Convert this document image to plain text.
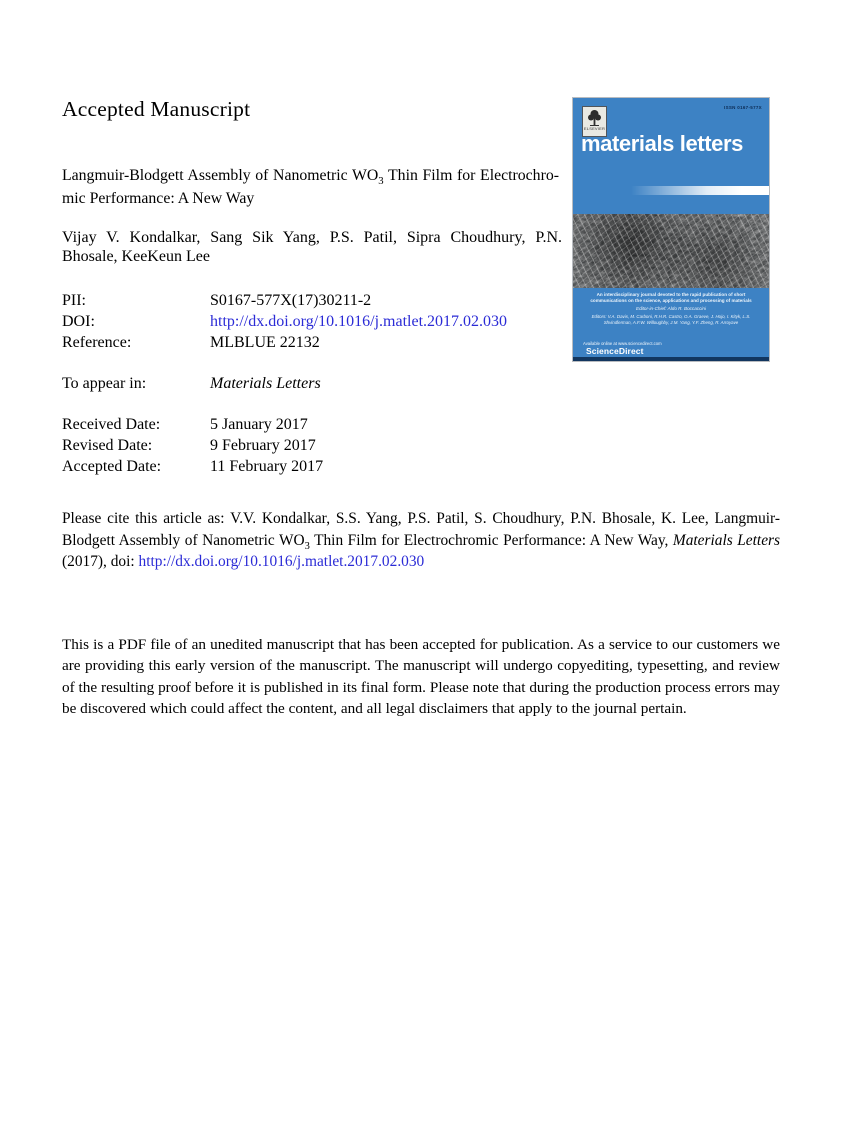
Accepted Manuscript

Langmuir-Blodgett Assembly of Nanometric $WO_3$ Thin Film for Electrochromic Performance: A New Way

Vijay V. Kondalkar, Sang Sik Yang, P.S. Patil, Sipra Choudhury, P.N. Bhosale, KeeKeun Lee

PII:	S0167-577X(17)30211-2
DOI:	http://dx.doi.org/10.1016/j.matlet.2017.02.030
Reference:	MLBLUE 22132
To appear in:	Materials Letters
Received Date:	5 January 2017
Revised Date:	9 February 2017
Accepted Date:	11 February 2017

Please cite this article as: V.V. Kondalkar, S.S. Yang, P.S. Patil, S. Choudhury, P.N. Bhosale, K. Lee, Langmuir-Blodgett Assembly of Nanometric $WO_3$ Thin Film for Electrochromic Performance: A New Way, Materials Letters (2017), doi: http://dx.doi.org/10.1016/j.matlet.2017.02.030

This is a PDF file of an unedited manuscript that has been accepted for publication. As a service to our customers we are providing this early version of the manuscript. The manuscript will undergo copyediting, typesetting, and review of the resulting proof before it is published in its final form. Please note that during the production process errors may be discovered which could affect the content, and all legal disclaimers that apply to the journal pertain.

ELSEVIER
ISSN 0167-577X
materials letters
An interdisciplinary journal devoted to the rapid publication of short communications on the science, applications and processing of materials
Editor-in-Chief: Aldo R. Boccaccini
Editors: V.A. Davis, M. Carboni, R.H.R. Castro, O.A. Graeve, J. Hojo, I. Kityk, L.S. Shvindlerman, A.F.W. Willoughby, J.M. Yang, Y.F. Zheng, R. Arroyave
Available online at www.sciencedirect.com
ScienceDirect
